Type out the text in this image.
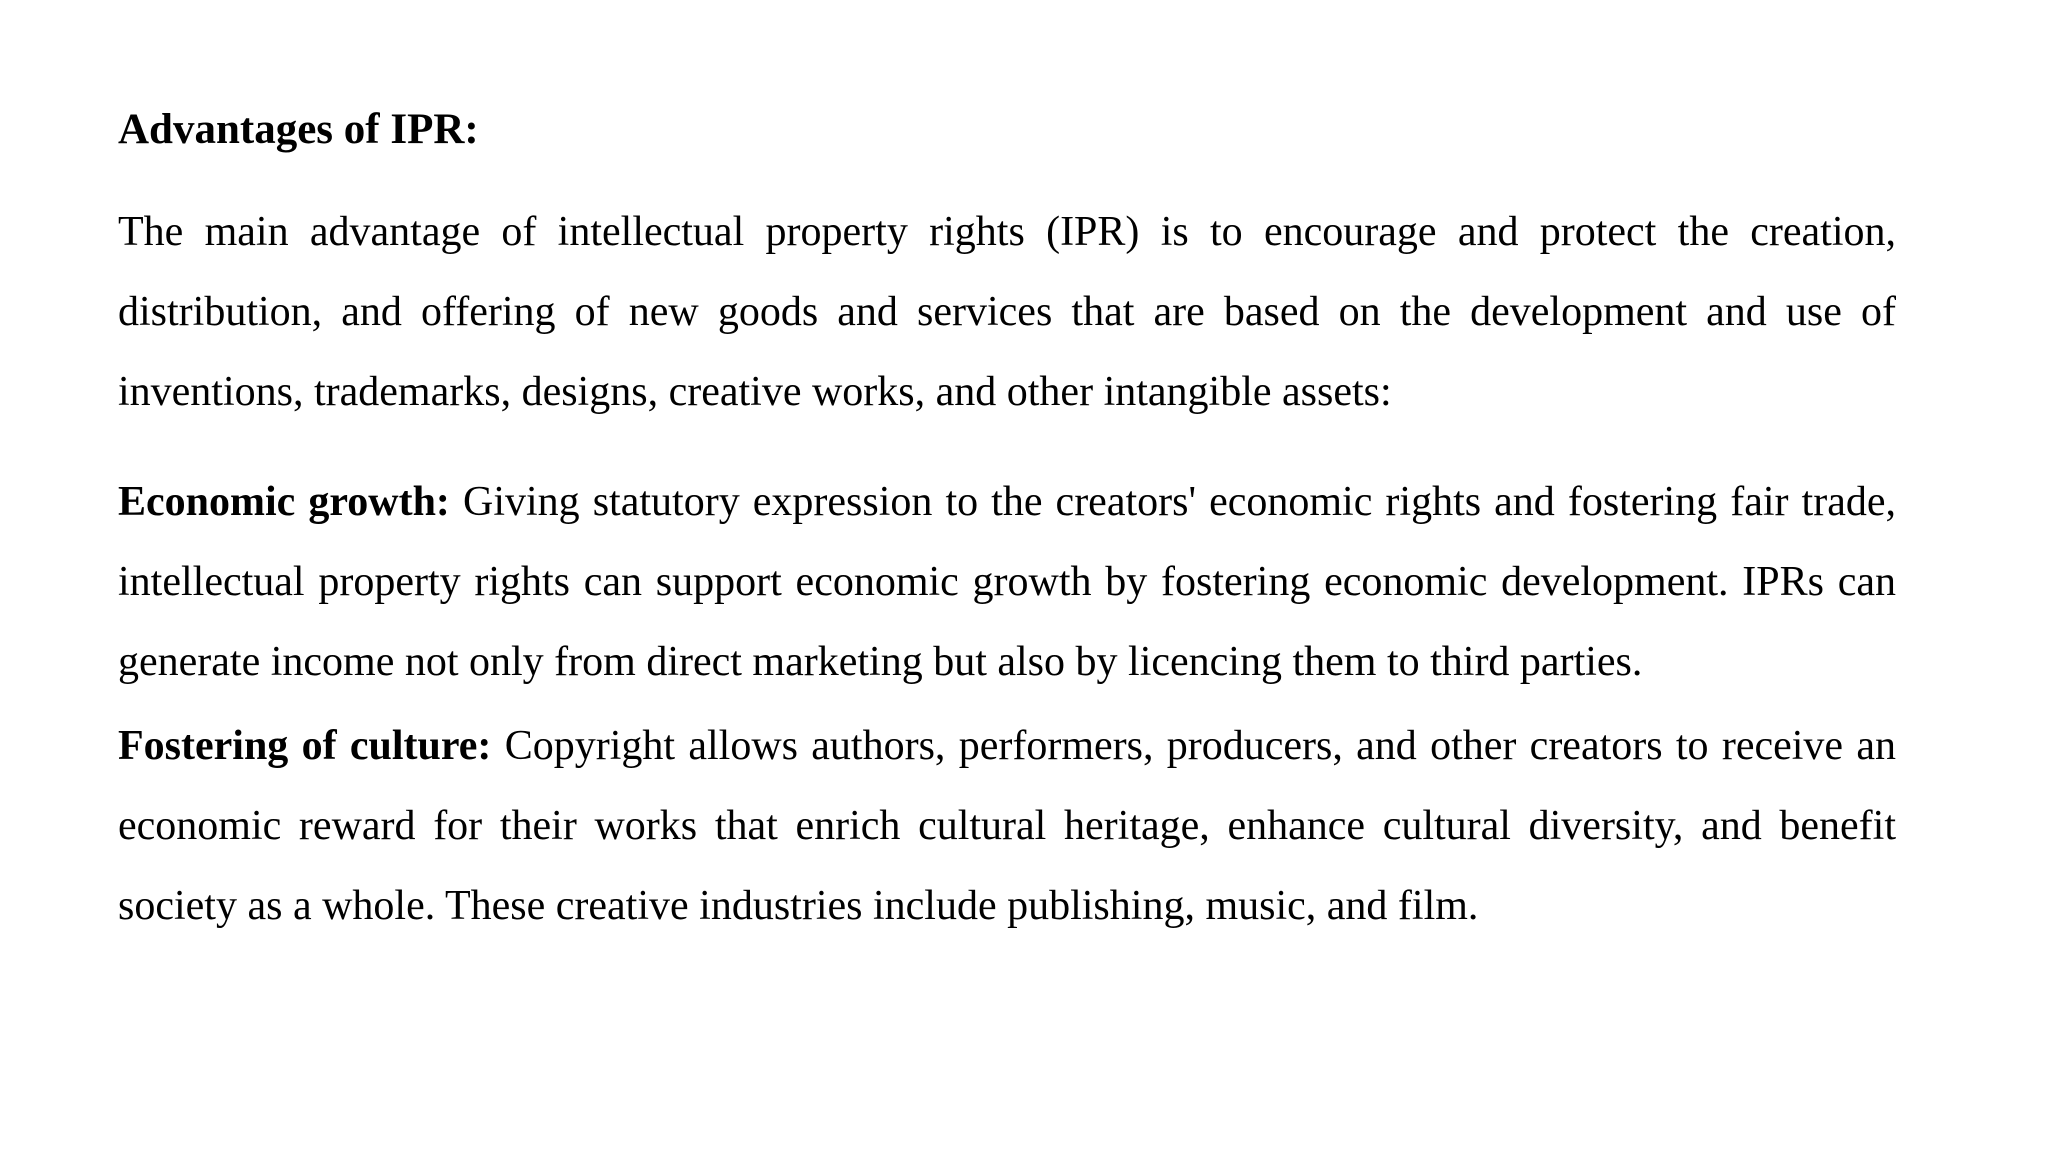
Advantages of IPR:

The main advantage of intellectual property rights (IPR) is to encourage and protect the creation, distribution, and offering of new goods and services that are based on the development and use of inventions, trademarks, designs, creative works, and other intangible assets:

Economic growth: Giving statutory expression to the creators' economic rights and fostering fair trade, intellectual property rights can support economic growth by fostering economic development. IPRs can generate income not only from direct marketing but also by licencing them to third parties.

Fostering of culture: Copyright allows authors, performers, producers, and other creators to receive an economic reward for their works that enrich cultural heritage, enhance cultural diversity, and benefit society as a whole. These creative industries include publishing, music, and film.
